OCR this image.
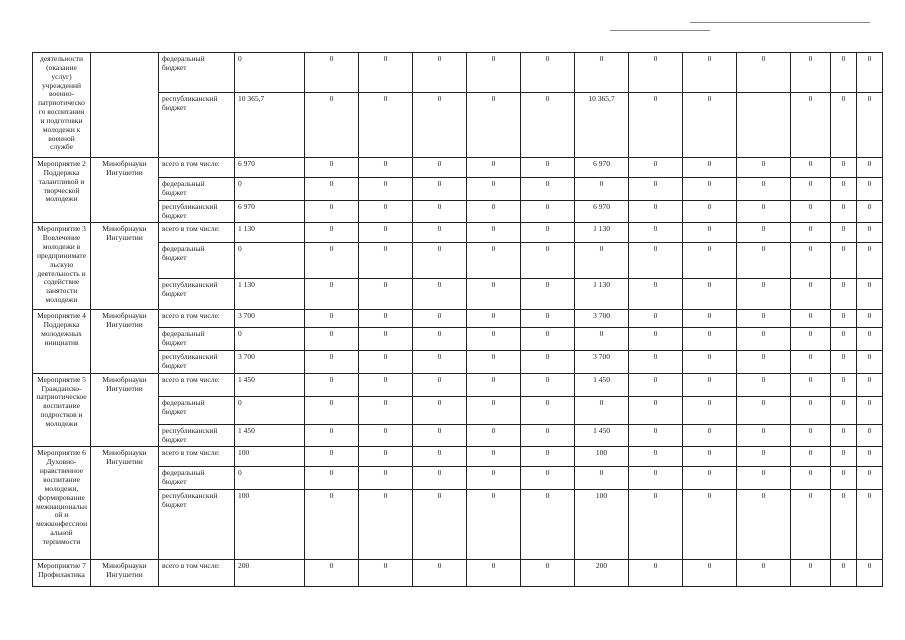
деятельности (оказание услуг) учреждений военно-патриотическо го воспитания и подготовки молодежи к военной службе		федеральный бюджет	0	0	0	0	0	0	0	0	0	0	0	0	0
		республиканский бюджет	10 365,7	0	0	0	0	0	10 365,7	0	0		0	0	0
Мероприятие 2 Поддержка талантливой и творческой молодежи	Минобрнауки Ингушетии	всего в том числе:	6 970	0	0	0	0	0	6 970	0	0	0	0	0	0
		федеральный бюджет	0	0	0	0	0	0	0	0	0	0	0	0	0
		республиканский бюджет	6 970	0	0	0	0	0	6 970	0	0	0	0	0	0
Мероприятие 3 Вовлечение молодежи в предпринимате льскую деятельность и содействие занятости молодежи	Минобрнауки Ингушетии	всего в том числе:	1 130	0	0	0	0	0	1 130	0	0	0	0	0	0
		федеральный бюджет	0	0	0	0	0	0	0	0	0	0	0	0	0
		республиканский бюджет	1 130	0	0	0	0	0	1 130	0	0	0	0	0	0
Мероприятие 4 Поддержка молодежных инициатив	Минобрнауки Ингушетии	всего в том числе:	3 700	0	0	0	0	0	3 700	0	0	0	0	0	0
		федеральный бюджет	0	0	0	0	0	0	0	0	0	0	0	0	0
		республиканский бюджет	3 700	0	0	0	0	0	3 700	0	0	0	0	0	0
Мероприятие 5 Гражданско-патриотическое воспитание подростков и молодежи	Минобрнауки Ингушетии	всего в том числе:	1 450	0	0	0	0	0	1 450	0	0	0	0	0	0
		федеральный бюджет	0	0	0	0	0	0	0	0	0	0	0	0	0
		республиканский бюджет	1 450	0	0	0	0	0	1 450	0	0	0	0	0	0
Мероприятие 6 Духовно-нравственное воспитание молодежи, формирование межнациональн ой и межконфессион альной терпимости	Минобрнауки Ингушетии	всего в том числе:	100	0	0	0	0	0	100	0	0	0	0	0	0
		федеральный бюджет	0	0	0	0	0	0	0	0	0	0	0	0	0
		республиканский бюджет	100	0	0	0	0	0	100	0	0	0	0	0	0
Мероприятие 7 Профилактика	Минобрнауки Ингушетии	всего в том числе:	200	0	0	0	0	0	200	0	0	0	0	0	0
